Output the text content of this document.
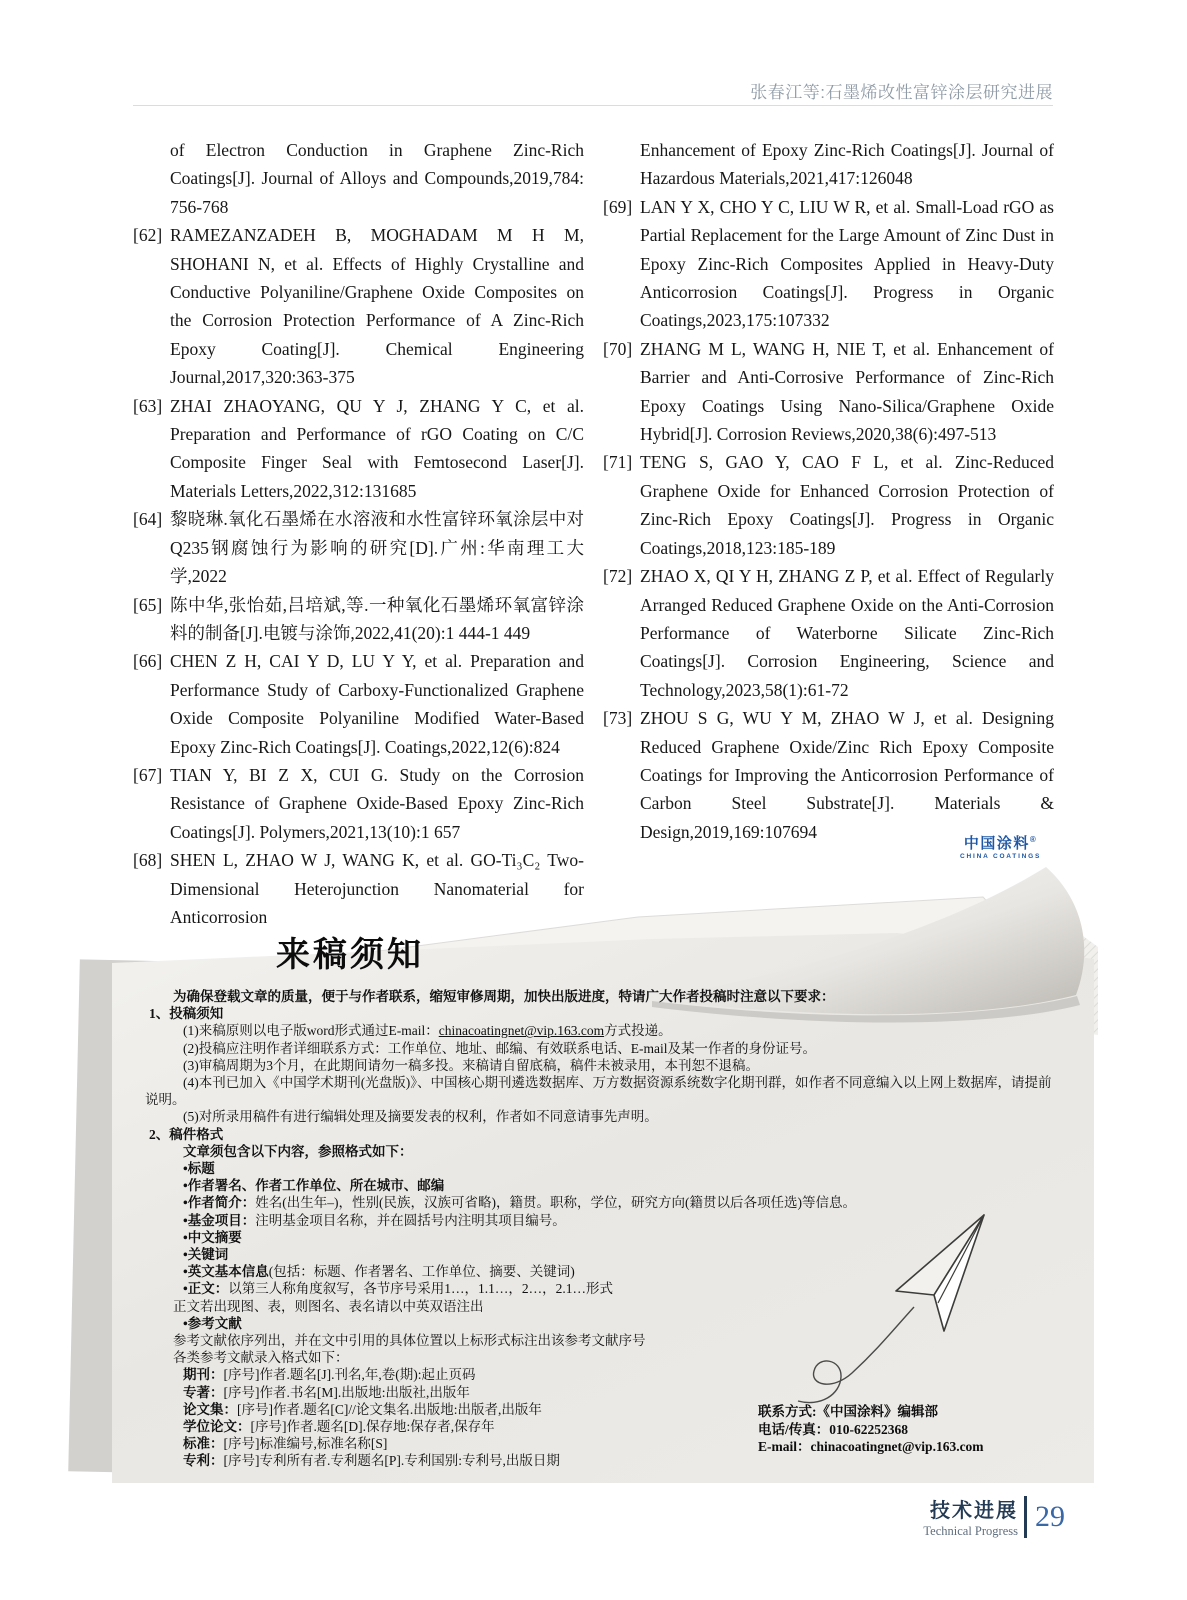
张春江等:石墨烯改性富锌涂层研究进展

of Electron Conduction in Graphene Zinc-Rich Coatings[J]. Journal of Alloys and Compounds,2019,784: 756-768

[62] RAMEZANZADEH B, MOGHADAM M H M, SHOHANI N, et al. Effects of Highly Crystalline and Conductive Polyaniline/Graphene Oxide Composites on the Corrosion Protection Performance of A Zinc-Rich Epoxy Coating[J]. Chemical Engineering Journal,2017,320:363-375

[63] ZHAI ZHAOYANG, QU Y J, ZHANG Y C, et al. Preparation and Performance of rGO Coating on C/C Composite Finger Seal with Femtosecond Laser[J]. Materials Letters,2022,312:131685

[64] 黎晓琳.氧化石墨烯在水溶液和水性富锌环氧涂层中对Q235钢腐蚀行为影响的研究[D].广州:华南理工大学,2022

[65] 陈中华,张怡茹,吕培斌,等.一种氧化石墨烯环氧富锌涂料的制备[J].电镀与涂饰,2022,41(20):1 444-1 449

[66] CHEN Z H, CAI Y D, LU Y Y, et al. Preparation and Performance Study of Carboxy-Functionalized Graphene Oxide Composite Polyaniline Modified Water-Based Epoxy Zinc-Rich Coatings[J]. Coatings,2022,12(6):824

[67] TIAN Y, BI Z X, CUI G. Study on the Corrosion Resistance of Graphene Oxide-Based Epoxy Zinc-Rich Coatings[J]. Polymers,2021,13(10):1 657

[68] SHEN L, ZHAO W J, WANG K, et al. GO-Ti₃C₂ Two-Dimensional Heterojunction Nanomaterial for Anticorrosion

Enhancement of Epoxy Zinc-Rich Coatings[J]. Journal of Hazardous Materials,2021,417:126048

[69] LAN Y X, CHO Y C, LIU W R, et al. Small-Load rGO as Partial Replacement for the Large Amount of Zinc Dust in Epoxy Zinc-Rich Composites Applied in Heavy-Duty Anticorrosion Coatings[J]. Progress in Organic Coatings,2023,175:107332

[70] ZHANG M L, WANG H, NIE T, et al. Enhancement of Barrier and Anti-Corrosive Performance of Zinc-Rich Epoxy Coatings Using Nano-Silica/Graphene Oxide Hybrid[J]. Corrosion Reviews,2020,38(6):497-513

[71] TENG S, GAO Y, CAO F L, et al. Zinc-Reduced Graphene Oxide for Enhanced Corrosion Protection of Zinc-Rich Epoxy Coatings[J]. Progress in Organic Coatings,2018,123:185-189

[72] ZHAO X, QI Y H, ZHANG Z P, et al. Effect of Regularly Arranged Reduced Graphene Oxide on the Anti-Corrosion Performance of Waterborne Silicate Zinc-Rich Coatings[J]. Corrosion Engineering, Science and Technology,2023,58(1):61-72

[73] ZHOU S G, WU Y M, ZHAO W J, et al. Designing Reduced Graphene Oxide/Zinc Rich Epoxy Composite Coatings for Improving the Anticorrosion Performance of Carbon Steel Substrate[J]. Materials & Design,2019,169:107694

中国涂料®
CHINA COATINGS
来稿须知

为确保登载文章的质量，便于与作者联系，缩短审修周期，加快出版进度，特请广大作者投稿时注意以下要求：

1、投稿须知

(1)来稿原则以电子版word形式通过E-mail：chinacoatingnet@vip.163.com方式投递。

(2)投稿应注明作者详细联系方式：工作单位、地址、邮编、有效联系电话、E-mail及某一作者的身份证号。

(3)审稿周期为3个月，在此期间请勿一稿多投。来稿请自留底稿，稿件未被录用，本刊恕不退稿。

(4)本刊已加入《中国学术期刊(光盘版)》、中国核心期刊遴选数据库、万方数据资源系统数字化期刊群，如作者不同意编入以上网上数据库，请提前说明。

(5)对所录用稿件有进行编辑处理及摘要发表的权利，作者如不同意请事先声明。

2、稿件格式

文章须包含以下内容，参照格式如下：

• 标题

• 作者署名、作者工作单位、所在城市、邮编

• 作者简介：姓名(出生年–)，性别(民族，汉族可省略)，籍贯。职称，学位，研究方向(籍贯以后各项任选)等信息。

• 基金项目：注明基金项目名称，并在圆括号内注明其项目编号。

• 中文摘要

• 关键词

• 英文基本信息(包括：标题、作者署名、工作单位、摘要、关键词)

• 正文：以第三人称角度叙写，各节序号采用1…，1.1…，2…，2.1…形式

正文若出现图、表，则图名、表名请以中英双语注出

• 参考文献

参考文献依序列出，并在文中引用的具体位置以上标形式标注出该参考文献序号

各类参考文献录入格式如下：

期刊：[序号]作者.题名[J].刊名,年,卷(期):起止页码

专著：[序号]作者.书名[M].出版地:出版社,出版年

论文集：[序号]作者.题名[C]//论文集名.出版地:出版者,出版年

学位论文：[序号]作者.题名[D].保存地:保存者,保存年

标准：[序号]标准编号,标准名称[S]

专利：[序号]专利所有者.专利题名[P].专利国别:专利号,出版日期

联系方式:《中国涂料》编辑部

电话/传真：010-62252368

E-mail：chinacoatingnet@vip.163.com

技术进展
Technical Progress 29
